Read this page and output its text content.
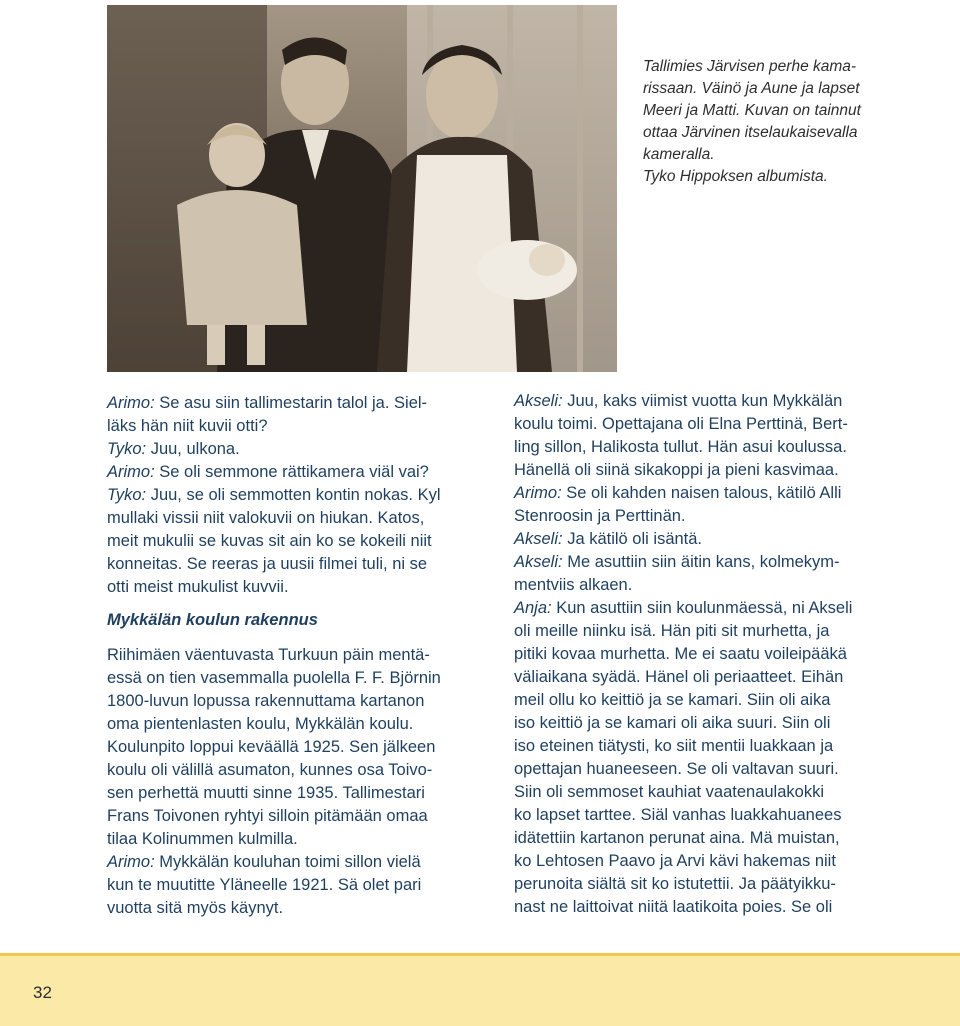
Tallimies Järvisen perhe kama-

rissaan. Väinö ja Aune ja lapset

Meeri ja Matti. Kuvan on tainnut

ottaa Järvinen itselaukaisevalla

kameralla.

Tyko Hippoksen albumista.

Arimo: Se asu siin tallimestarin talol ja. Siel-
läks hän niit kuvii otti?
Tyko: Juu, ulkona.
Arimo: Se oli semmone rättikamera viäl vai?
Tyko: Juu, se oli semmotten kontin nokas. Kyl
mullaki vissii niit valokuvii on hiukan. Katos,
meit mukulii se kuvas sit ain ko se kokeili niit
konneitas. Se reeras ja uusii filmei tuli, ni se
otti meist mukulist kuvvii.
Mykkälän koulun rakennus
Riihimäen väentuvasta Turkuun päin mentä-
essä on tien vasemmalla puolella F. F. Björnin
1800-luvun lopussa rakennuttama kartanon
oma pientenlasten koulu, Mykkälän koulu.
Koulunpito loppui keväällä 1925. Sen jälkeen
koulu oli välillä asumaton, kunnes osa Toivo-
sen perhettä muutti sinne 1935. Tallimestari
Frans Toivonen ryhtyi silloin pitämään omaa
tilaa Kolinummen kulmilla.
Arimo: Mykkälän kouluhan toimi sillon vielä
kun te muutitte Yläneelle 1921. Sä olet pari
vuotta sitä myös käynyt.
Akseli: Juu, kaks viimist vuotta kun Mykkälän
koulu toimi. Opettajana oli Elna Perttinä, Bert-
ling sillon, Halikosta tullut. Hän asui koulussa.
Hänellä oli siinä sikakoppi ja pieni kasvimaa.
Arimo: Se oli kahden naisen talous, kätilö Alli
Stenroosin ja Perttinän.
Akseli: Ja kätilö oli isäntä.
Akseli: Me asuttiin siin äitin kans, kolmekym-
mentviis alkaen.
Anja: Kun asuttiin siin koulunmäessä, ni Akseli
oli meille niinku isä. Hän piti sit murhetta, ja
pitiki kovaa murhetta. Me ei saatu voileipääkä
väliaikana syädä. Hänel oli periaatteet. Eihän
meil ollu ko keittiö ja se kamari. Siin oli aika
iso keittiö ja se kamari oli aika suuri. Siin oli
iso eteinen tiätysti, ko siit mentii luakkaan ja
opettajan huaneeseen. Se oli valtavan suuri.
Siin oli semmoset kauhiat vaatenaulakokki
ko lapset tarttee. Siäl vanhas luakkahuanees
idätettiin kartanon perunat aina. Mä muistan,
ko Lehtosen Paavo ja Arvi kävi hakemas niit
perunoita siältä sit ko istutettii. Ja päätyikku-
nast ne laittoivat niitä laatikoita poies. Se oli
32
